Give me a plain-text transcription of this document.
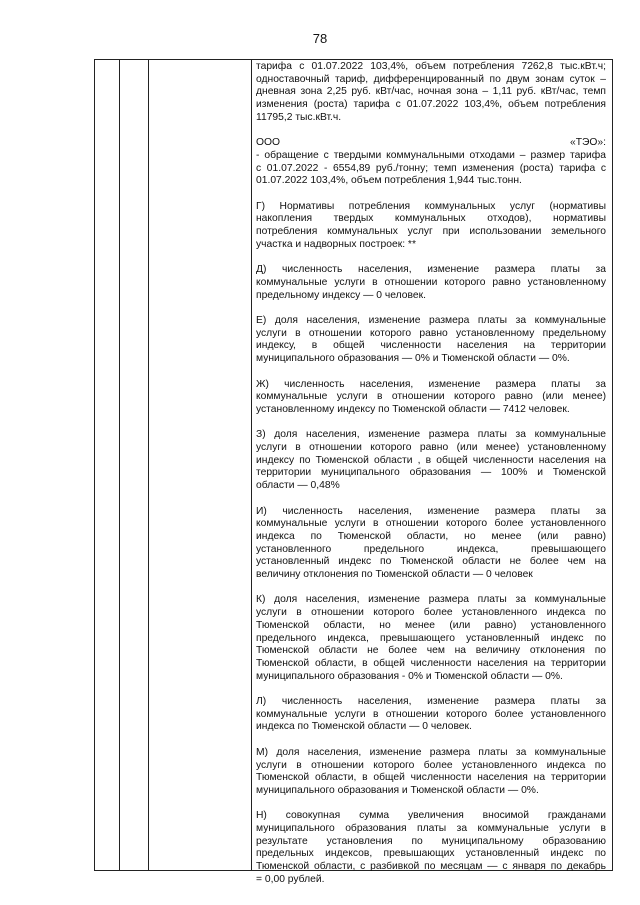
78
тарифа с 01.07.2022 103,4%, объем потребления 7262,8 тыс.кВт.ч;
одноставочный тариф, дифференцированный по двум зонам суток –
дневная зона 2,25 руб. кВт/час, ночная зона – 1,11 руб. кВт/час, темп
изменения (роста) тарифа с 01.07.2022 103,4%, объем потребления
11795,2 тыс.кВт.ч.
ООО «ТЭО»:
- обращение с твердыми коммунальными отходами – размер тарифа
с 01.07.2022 - 6554,89 руб./тонну; темп изменения (роста) тарифа с
01.07.2022 103,4%, объем потребления 1,944 тыс.тонн.
Г) Нормативы потребления коммунальных услуг (нормативы
накопления твердых коммунальных отходов), нормативы
потребления коммунальных услуг при использовании земельного
участка и надворных построек: **
Д) численность населения, изменение размера платы за
коммунальные услуги в отношении которого равно установленному
предельному индексу — 0 человек.
Е) доля населения, изменение размера платы за коммунальные
услуги в отношении которого равно установленному предельному
индексу, в общей численности населения на территории
муниципального образования — 0% и Тюменской области — 0%.
Ж) численность населения, изменение размера платы за
коммунальные услуги в отношении которого равно (или менее)
установленному индексу по Тюменской области — 7412 человек.
З) доля населения, изменение размера платы за коммунальные
услуги в отношении которого равно (или менее) установленному
индексу по Тюменской области , в общей численности населения на
территории муниципального образования — 100% и Тюменской
области — 0,48%
И) численность населения, изменение размера платы за
коммунальные услуги в отношении которого более установленного
индекса по Тюменской области, но менее (или равно)
установленного предельного индекса, превышающего
установленный индекс по Тюменской области не более чем на
величину отклонения по Тюменской области — 0 человек
К) доля населения, изменение размера платы за коммунальные
услуги в отношении которого более установленного индекса по
Тюменской области, но менее (или равно) установленного
предельного индекса, превышающего установленный индекс по
Тюменской области не более чем на величину отклонения по
Тюменской области, в общей численности населения на территории
муниципального образования - 0% и Тюменской области — 0%.
Л) численность населения, изменение размера платы за
коммунальные услуги в отношении которого более установленного
индекса по Тюменской области — 0 человек.
М) доля населения, изменение размера платы за коммунальные
услуги в отношении которого более установленного индекса по
Тюменской области, в общей численности населения на территории
муниципального образования и Тюменской области — 0%.
Н) совокупная сумма увеличения вносимой гражданами
муниципального образования платы за коммунальные услуги в
результате установления по муниципальному образованию
предельных индексов, превышающих установленный индекс по
Тюменской области, с разбивкой по месяцам — с января по декабрь
= 0,00 рублей.
